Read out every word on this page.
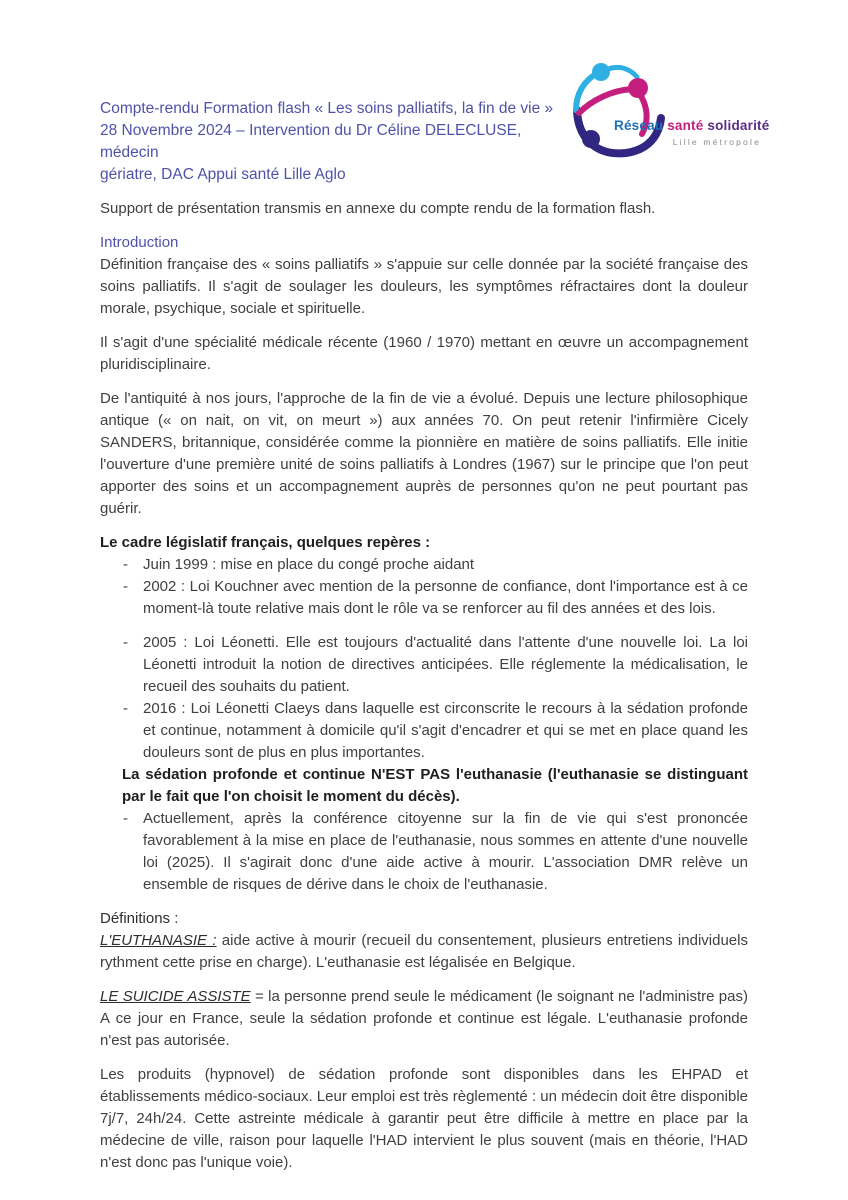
Réseau santé solidarité
Lille métropole
Compte-rendu Formation flash « Les soins palliatifs, la fin de vie »
28 Novembre 2024 – Intervention du Dr Céline DELECLUSE, médecin
gériatre, DAC Appui santé Lille Aglo

Support de présentation transmis en annexe du compte rendu de la formation flash.

Introduction

Définition française des « soins palliatifs » s'appuie sur celle donnée par la société française des soins palliatifs. Il s'agit de soulager les douleurs, les symptômes réfractaires dont la douleur morale, psychique, sociale et spirituelle.

Il s'agit d'une spécialité médicale récente (1960 / 1970) mettant en œuvre un accompagnement pluridisciplinaire.

De l'antiquité à nos jours, l'approche de la fin de vie a évolué. Depuis une lecture philosophique antique (« on nait, on vit, on meurt ») aux années 70. On peut retenir l'infirmière Cicely SANDERS, britannique, considérée comme la pionnière en matière de soins palliatifs. Elle initie l'ouverture d'une première unité de soins palliatifs à Londres (1967) sur le principe que l'on peut apporter des soins et un accompagnement auprès de personnes qu'on ne peut pourtant pas guérir.

Le cadre législatif français, quelques repères :

-	Juin 1999 : mise en place du congé proche aidant
-	2002 : Loi Kouchner avec mention de la personne de confiance, dont l'importance est à ce moment-là toute relative mais dont le rôle va se renforcer au fil des années et des lois.
-	2005 : Loi Léonetti. Elle est toujours d'actualité dans l'attente d'une nouvelle loi. La loi Léonetti introduit la notion de directives anticipées. Elle réglemente la médicalisation, le recueil des souhaits du patient.
-	2016 : Loi Léonetti Claeys dans laquelle est circonscrite le recours à la sédation profonde et continue, notamment à domicile qu'il s'agit d'encadrer et qui se met en place quand les douleurs sont de plus en plus importantes.

La sédation profonde et continue N'EST PAS l'euthanasie (l'euthanasie se distinguant par le fait que l'on choisit le moment du décès).

-	Actuellement, après la conférence citoyenne sur la fin de vie qui s'est prononcée favorablement à la mise en place de l'euthanasie, nous sommes en attente d'une nouvelle loi (2025). Il s'agirait donc d'une aide active à mourir. L'association DMR relève un ensemble de risques de dérive dans le choix de l'euthanasie.

Définitions :

L'EUTHANASIE : aide active à mourir (recueil du consentement, plusieurs entretiens individuels rythment cette prise en charge). L'euthanasie est légalisée en Belgique.

LE SUICIDE ASSISTE = la personne prend seule le médicament (le soignant ne l'administre pas) A ce jour en France, seule la sédation profonde et continue est légale. L'euthanasie profonde n'est pas autorisée.

Les produits (hypnovel) de sédation profonde sont disponibles dans les EHPAD et établissements médico-sociaux. Leur emploi est très règlementé : un médecin doit être disponible 7j/7, 24h/24. Cette astreinte médicale à garantir peut être difficile à mettre en place par la médecine de ville, raison pour laquelle l'HAD intervient le plus souvent (mais en théorie, l'HAD n'est donc pas l'unique voie).
